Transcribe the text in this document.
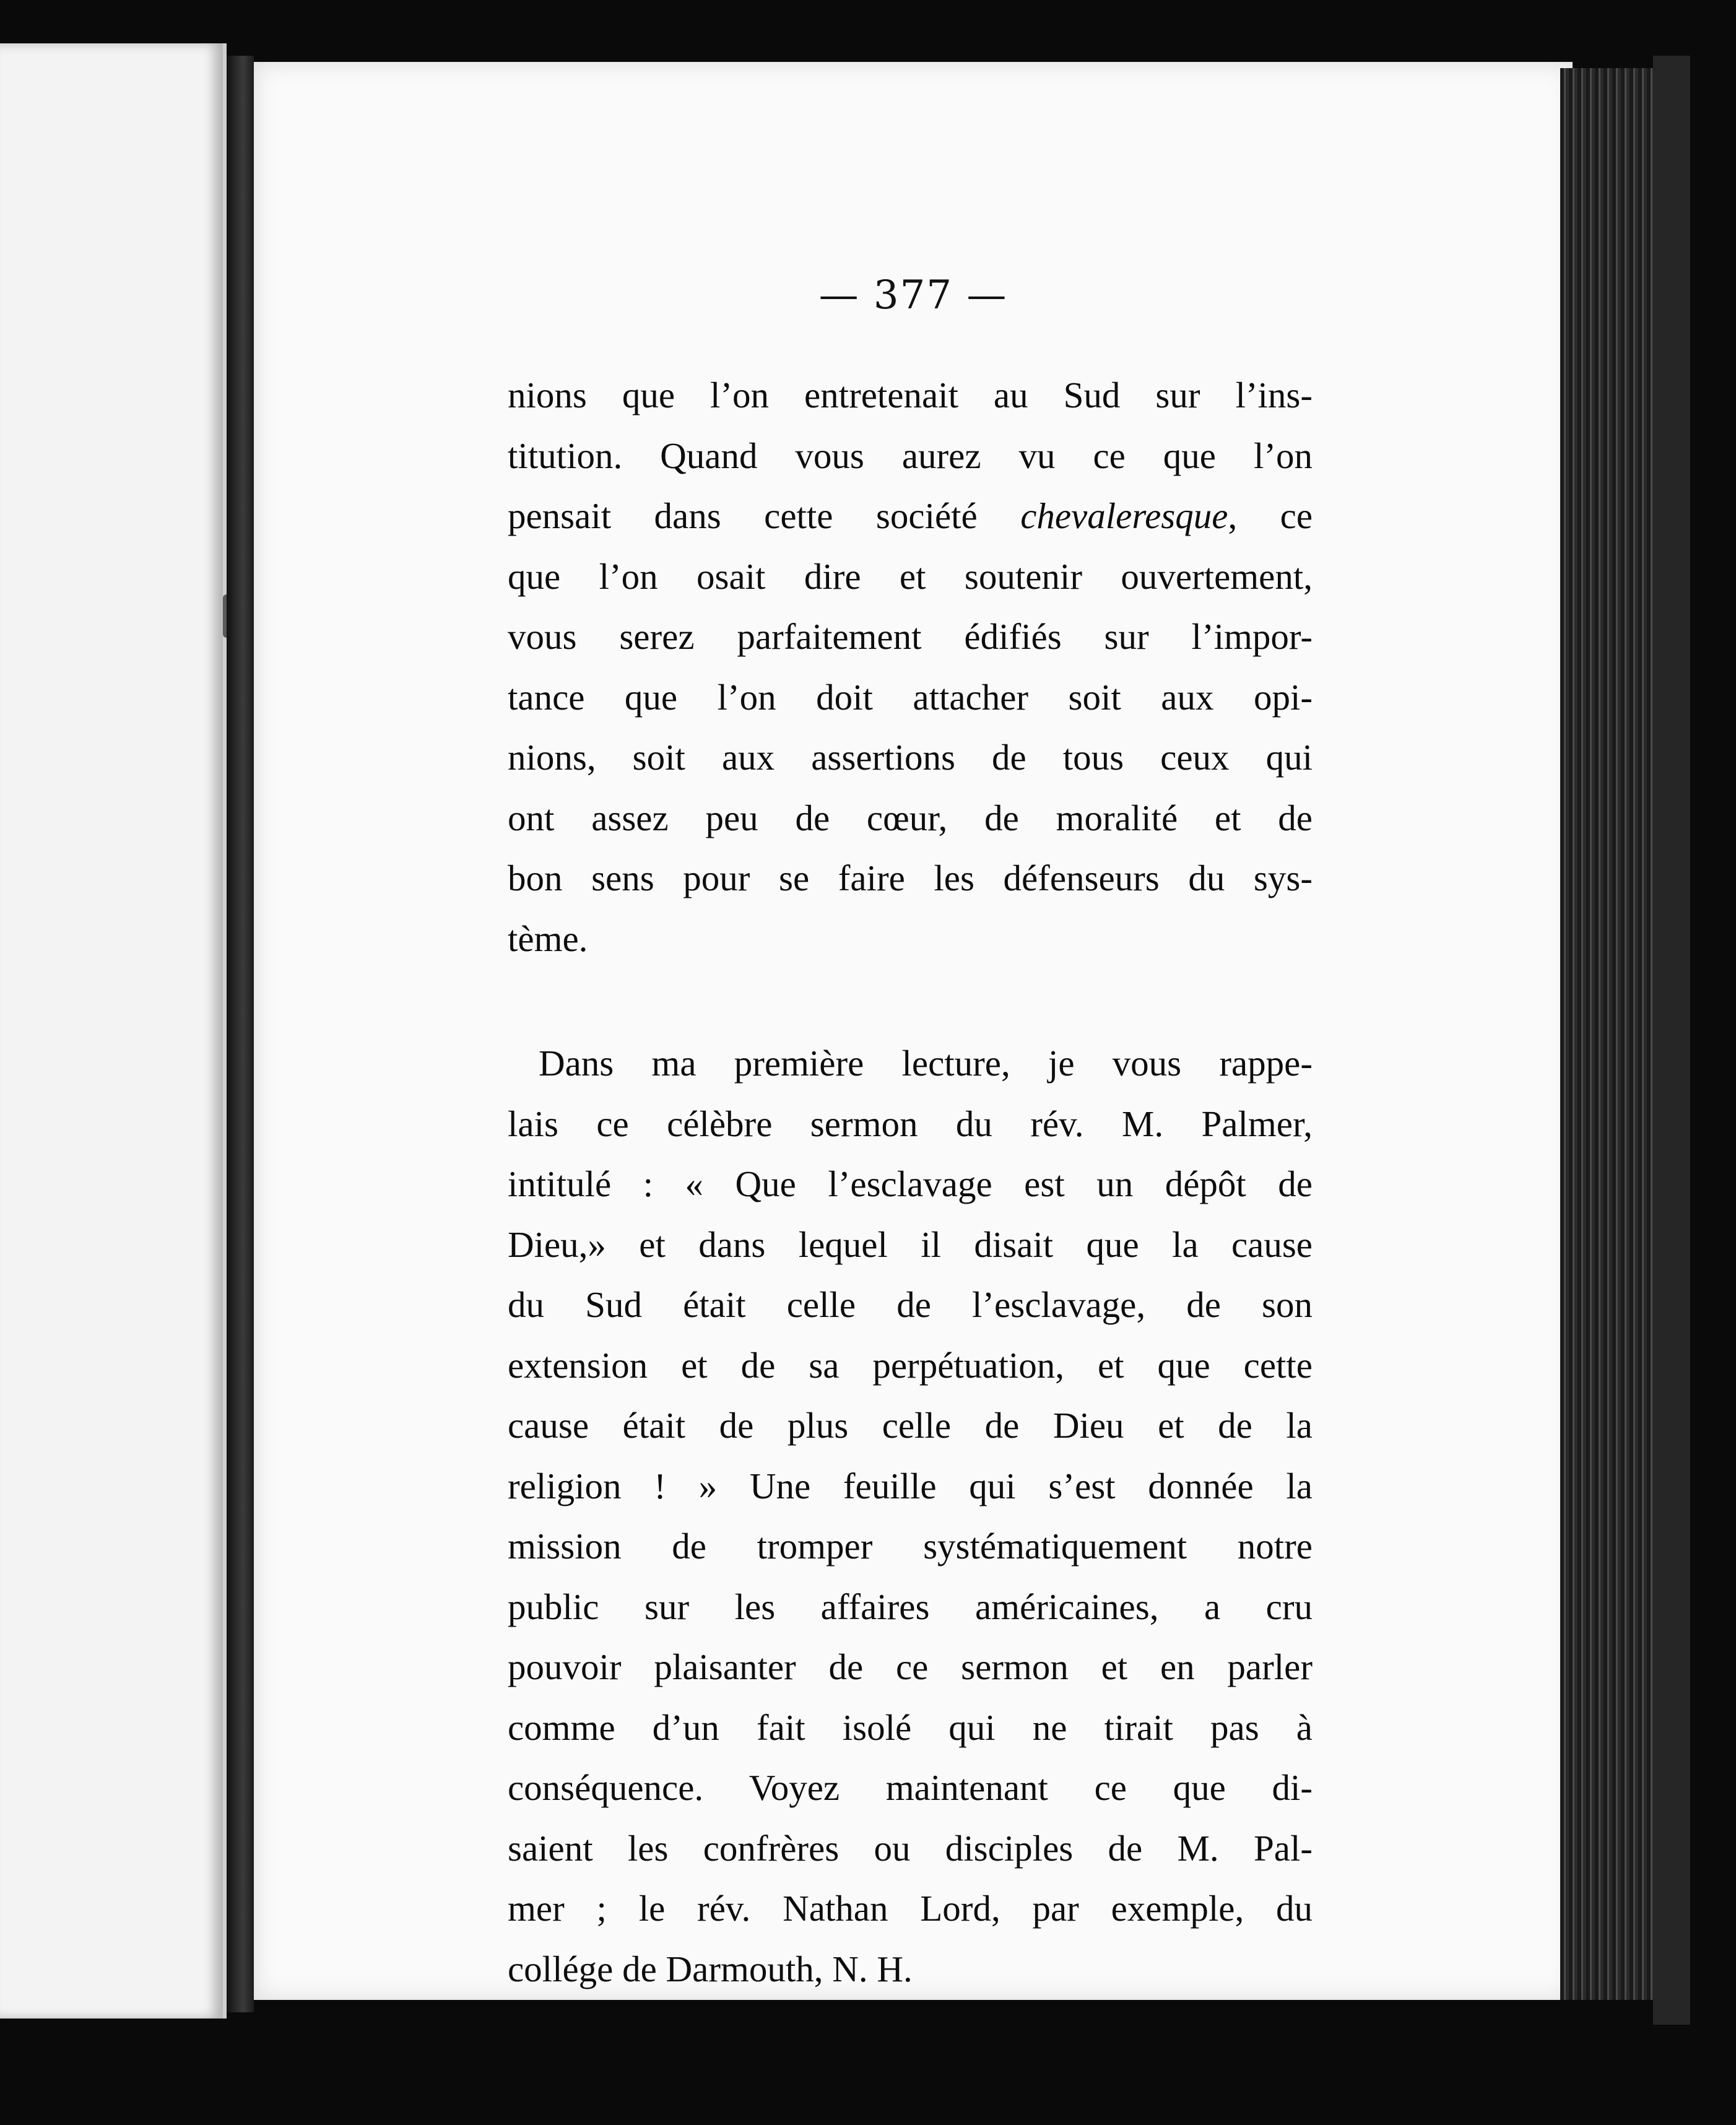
— 377 —
nions que l’on entretenait au Sud sur l’ins-
titution. Quand vous aurez vu ce que l’on
pensait dans cette société chevaleresque, ce
que l’on osait dire et soutenir ouvertement,
vous serez parfaitement édifiés sur l’impor-
tance que l’on doit attacher soit aux opi-
nions, soit aux assertions de tous ceux qui
ont assez peu de cœur, de moralité et de
bon sens pour se faire les défenseurs du sys-
tème.
Dans ma première lecture, je vous rappe-
lais ce célèbre sermon du rév. M. Palmer,
intitulé : « Que l’esclavage est un dépôt de
Dieu,» et dans lequel il disait que la cause
du Sud était celle de l’esclavage, de son
extension et de sa perpétuation, et que cette
cause était de plus celle de Dieu et de la
religion ! » Une feuille qui s’est donnée la
mission de tromper systématiquement notre
public sur les affaires américaines, a cru
pouvoir plaisanter de ce sermon et en parler
comme d’un fait isolé qui ne tirait pas à
conséquence. Voyez maintenant ce que di-
saient les confrères ou disciples de M. Pal-
mer ; le rév. Nathan Lord, par exemple, du
collége de Darmouth, N. H.
